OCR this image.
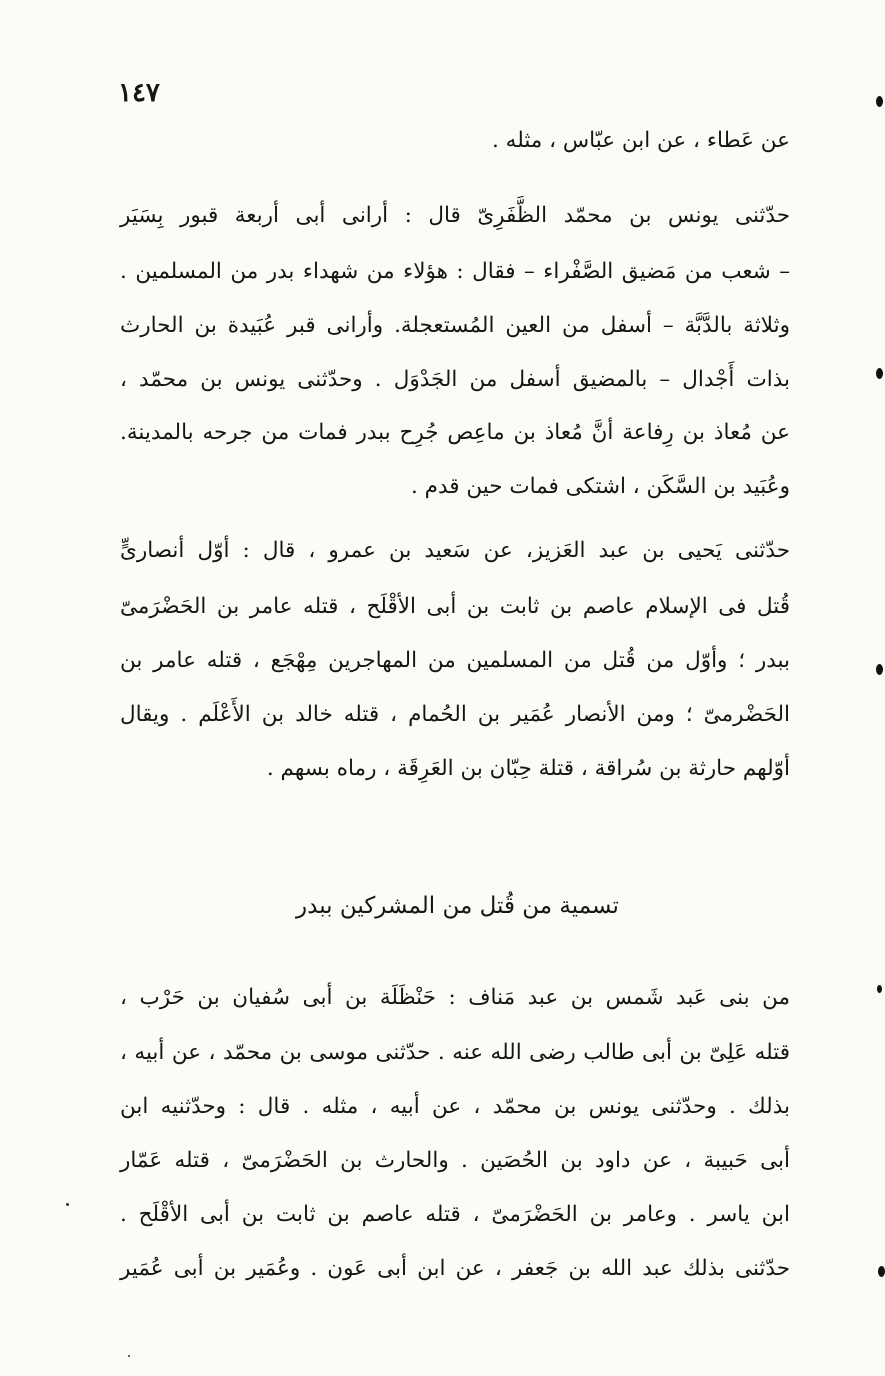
١٤٧
عن عَطاء ، عن ابن عبّاس ، مثله .
حدّثنى يونس بن محمّد الظَّفَرِىّ قال : أرانى أبى أربعة قبور بِسَيَر
– شعب من مَضيق الصَّفْراء – فقال : هؤلاء من شهداء بدر من المسلمين .
وثلاثة بالدَّبَّة – أسفل من العين المُستعجلة. وأرانى قبر عُبَيدة بن الحارث
بذات أَجْدال – بالمضيق أسفل من الجَدْوَل . وحدّثنى يونس بن محمّد ،
عن مُعاذ بن رِفاعة أنَّ مُعاذ بن ماعِص جُرِح ببدر فمات من جرحه بالمدينة.
وعُبَيد بن السَّكَن ، اشتكى فمات حين قدم .
حدّثنى يَحيى بن عبد العَزيز، عن سَعيد بن عمرو ، قال : أوّل أنصارىٍّ
قُتل فى الإسلام عاصم بن ثابت بن أبى الأقْلَح ، قتله عامر بن الحَضْرَمىّ
ببدر ؛ وأوّل من قُتل من المسلمين من المهاجرين مِهْجَع ، قتله عامر بن
الحَضْرمىّ ؛ ومن الأنصار عُمَير بن الحُمام ، قتله خالد بن الأَعْلَم . ويقال
أوّلهم حارثة بن سُراقة ، قتلة حِبّان بن العَرِقَة ، رماه بسهم .
تسمية من قُتل من المشركين ببدر
من بنى عَبد شَمس بن عبد مَناف : حَنْظَلَة بن أبى سُفيان بن حَرْب ،
قتله عَلِىّ بن أبى طالب رضى الله عنه . حدّثنى موسى بن محمّد ، عن أبيه ،
بذلك . وحدّثنى يونس بن محمّد ، عن أبيه ، مثله . قال : وحدّثنيه ابن
أبى حَبيبة ، عن داود بن الحُصَين . والحارث بن الحَضْرَمىّ ، قتله عَمّار
ابن ياسر . وعامر بن الحَضْرَمىّ ، قتله عاصم بن ثابت بن أبى الأقْلَح .
حدّثنى بذلك عبد الله بن جَعفر ، عن ابن أبى عَون . وعُمَير بن أبى عُمَير
